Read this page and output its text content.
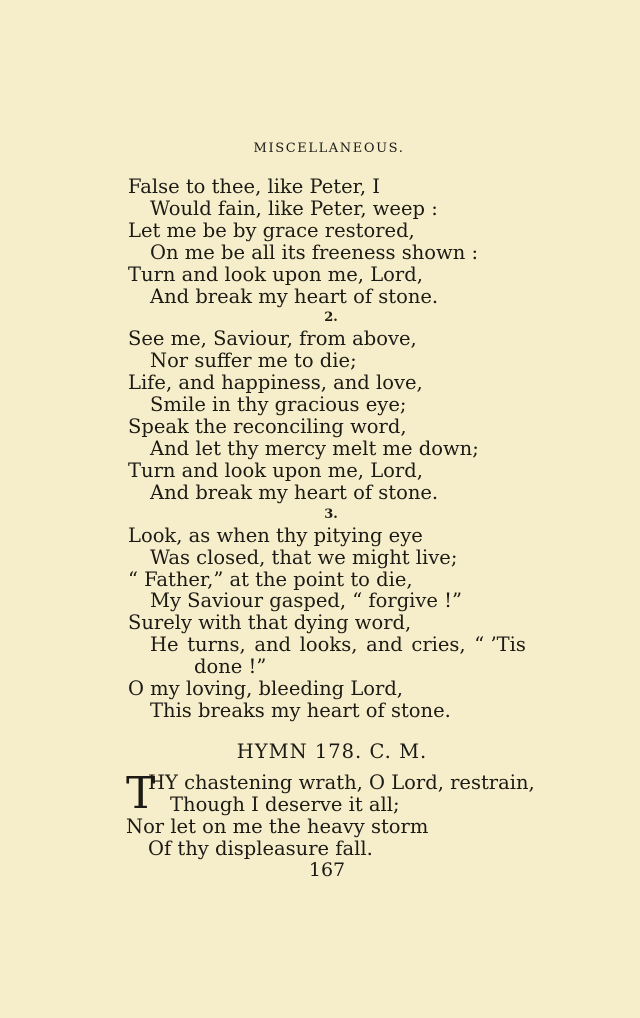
MISCELLANEOUS.
False to thee, like Peter, I
Would fain, like Peter, weep :
Let me be by grace restored,
On me be all its freeness shown :
Turn and look upon me, Lord,
And break my heart of stone.
2.
See me, Saviour, from above,
Nor suffer me to die;
Life, and happiness, and love,
Smile in thy gracious eye;
Speak the reconciling word,
And let thy mercy melt me down;
Turn and look upon me, Lord,
And break my heart of stone.
3.
Look, as when thy pitying eye
Was closed, that we might live;
“ Father,” at the point to die,
My Saviour gasped, “ forgive !”
Surely with that dying word,
He turns, and looks, and cries, “ ’Tis
done !”
O my loving, bleeding Lord,
This breaks my heart of stone.
HYMN 178. C. M.
T
HY chastening wrath, O Lord, restrain,
Though I deserve it all;
Nor let on me the heavy storm
Of thy displeasure fall.
167
